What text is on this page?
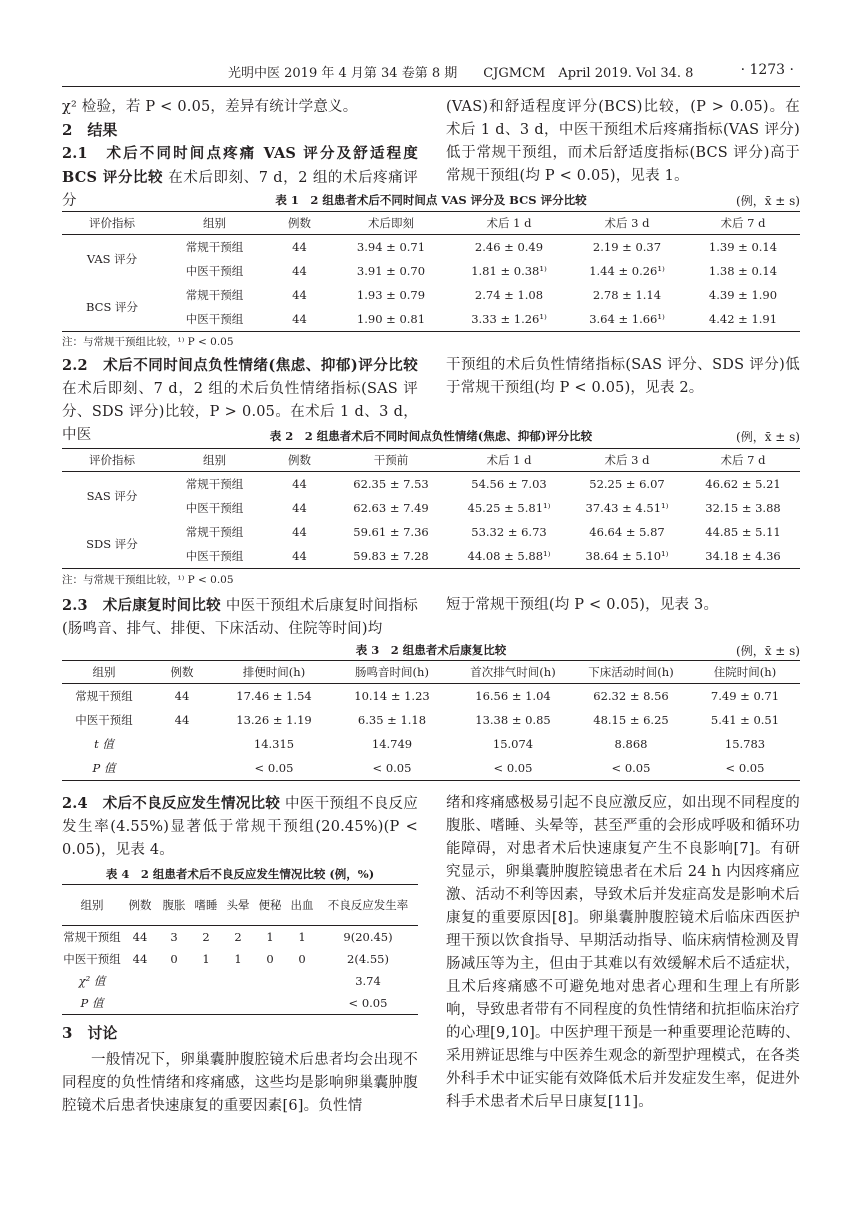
光明中医 2019 年 4 月第 34 卷第 8 期　　CJGMCM　April 2019. Vol 34. 8	· 1273 ·

χ² 检验，若 P < 0.05，差异有统计学意义。

2　结果

2.1　术后不同时间点疼痛 VAS 评分及舒适程度 BCS 评分比较 在术后即刻、7 d，2 组的术后疼痛评分

(VAS)和舒适程度评分(BCS)比较，(P > 0.05)。在术后 1 d、3 d，中医干预组术后疼痛指标(VAS 评分)低于常规干预组，而术后舒适度指标(BCS 评分)高于常规干预组(均 P < 0.05)，见表 1。

表 1　2 组患者术后不同时间点 VAS 评分及 BCS 评分比较	(例，x̄ ± s)
评价指标	组别	例数	术后即刻	术后 1 d	术后 3 d	术后 7 d
VAS 评分	常规干预组	44	3.94 ± 0.71	2.46 ± 0.49	2.19 ± 0.37	1.39 ± 0.14
	中医干预组	44	3.91 ± 0.70	1.81 ± 0.38¹⁾	1.44 ± 0.26¹⁾	1.38 ± 0.14
BCS 评分	常规干预组	44	1.93 ± 0.79	2.74 ± 1.08	2.78 ± 1.14	4.39 ± 1.90
	中医干预组	44	1.90 ± 0.81	3.33 ± 1.26¹⁾	3.64 ± 1.66¹⁾	4.42 ± 1.91
注：与常规干预组比较，¹⁾ P < 0.05

2.2　术后不同时间点负性情绪(焦虑、抑郁)评分比较 在术后即刻、7 d，2 组的术后负性情绪指标(SAS 评分、SDS 评分)比较，P > 0.05。在术后 1 d、3 d，中医

干预组的术后负性情绪指标(SAS 评分、SDS 评分)低于常规干预组(均 P < 0.05)，见表 2。

表 2　2 组患者术后不同时间点负性情绪(焦虑、抑郁)评分比较	(例，x̄ ± s)
评价指标	组别	例数	干预前	术后 1 d	术后 3 d	术后 7 d
SAS 评分	常规干预组	44	62.35 ± 7.53	54.56 ± 7.03	52.25 ± 6.07	46.62 ± 5.21
	中医干预组	44	62.63 ± 7.49	45.25 ± 5.81¹⁾	37.43 ± 4.51¹⁾	32.15 ± 3.88
SDS 评分	常规干预组	44	59.61 ± 7.36	53.32 ± 6.73	46.64 ± 5.87	44.85 ± 5.11
	中医干预组	44	59.83 ± 7.28	44.08 ± 5.88¹⁾	38.64 ± 5.10¹⁾	34.18 ± 4.36
注：与常规干预组比较，¹⁾ P < 0.05

2.3　术后康复时间比较 中医干预组术后康复时间指标(肠鸣音、排气、排便、下床活动、住院等时间)均

短于常规干预组(均 P < 0.05)，见表 3。

表 3　2 组患者术后康复比较	(例，x̄ ± s)
组别	例数	排便时间(h)	肠鸣音时间(h)	首次排气时间(h)	下床活动时间(h)	住院时间(h)
常规干预组	44	17.46 ± 1.54	10.14 ± 1.23	16.56 ± 1.04	62.32 ± 8.56	7.49 ± 0.71
中医干预组	44	13.26 ± 1.19	6.35 ± 1.18	13.38 ± 0.85	48.15 ± 6.25	5.41 ± 0.51
t 值		14.315	14.749	15.074	8.868	15.783
P 值		< 0.05	< 0.05	< 0.05	< 0.05	< 0.05

2.4　术后不良反应发生情况比较 中医干预组不良反应发生率(4.55%)显著低于常规干预组(20.45%)(P < 0.05)，见表 4。

表 4　2 组患者术后不良反应发生情况比较 (例，%)
组别	例数	腹胀	嗜睡	头晕	便秘	出血	不良反应发生率
常规干预组	44	3	2	2	1	1	9(20.45)
中医干预组	44	0	1	1	0	0	2(4.55)
χ² 值							3.74
P 值							< 0.05

3　讨论

一般情况下，卵巢囊肿腹腔镜术后患者均会出现不同程度的负性情绪和疼痛感，这些均是影响卵巢囊肿腹腔镜术后患者快速康复的重要因素[6]。负性情

绪和疼痛感极易引起不良应激反应，如出现不同程度的腹胀、嗜睡、头晕等，甚至严重的会形成呼吸和循环功能障碍，对患者术后快速康复产生不良影响[7]。有研究显示，卵巢囊肿腹腔镜患者在术后 24 h 内因疼痛应激、活动不利等因素，导致术后并发症高发是影响术后康复的重要原因[8]。卵巢囊肿腹腔镜术后临床西医护理干预以饮食指导、早期活动指导、临床病情检测及胃肠减压等为主，但由于其难以有效缓解术后不适症状，且术后疼痛感不可避免地对患者心理和生理上有所影响，导致患者带有不同程度的负性情绪和抗拒临床治疗的心理[9,10]。中医护理干预是一种重要理论范畴的、采用辨证思维与中医养生观念的新型护理模式，在各类外科手术中证实能有效降低术后并发症发生率，促进外科手术患者术后早日康复[11]。
